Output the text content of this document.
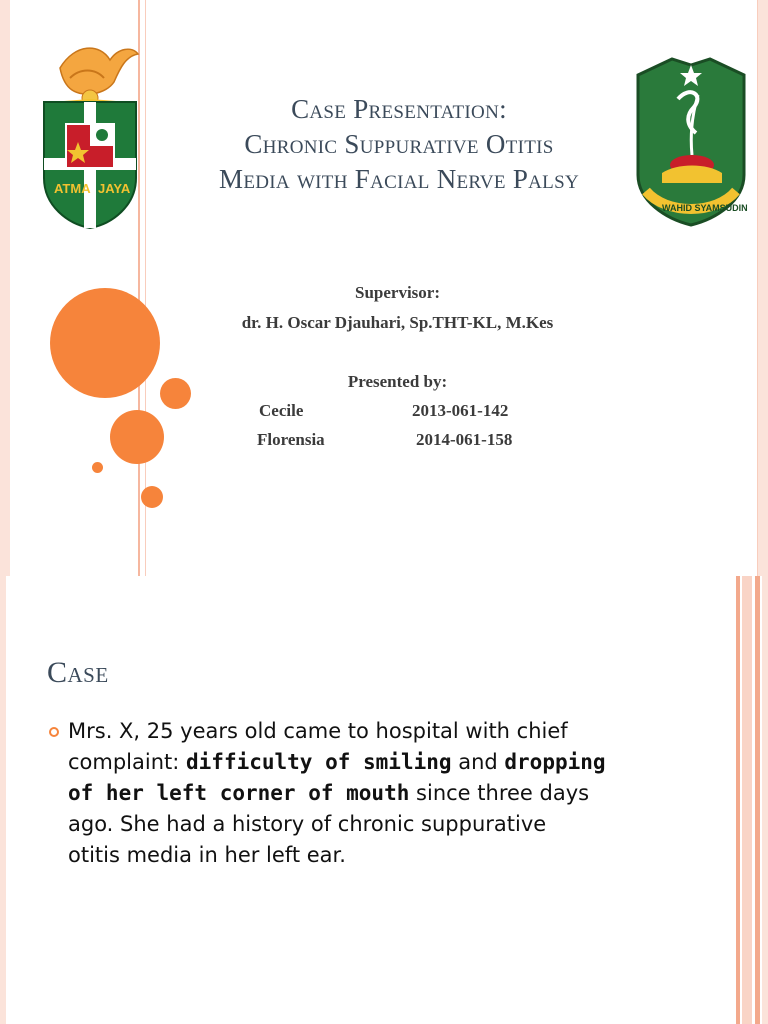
ATMA JAYA
WAHID SYAMSUDIN
Case Presentation:
Chronic Suppurative Otitis
Media with Facial Nerve Palsy
Supervisor:
dr. H. Oscar Djauhari, Sp.THT-KL, M.Kes
Presented by:
Cecile	2013-061-142
Florensia	2014-061-158
Case
Mrs. X, 25 years old came to hospital with chief
complaint: difficulty of smiling and dropping
of her left corner of mouth since three days
ago. She had a history of chronic suppurative
otitis media in her left ear.
